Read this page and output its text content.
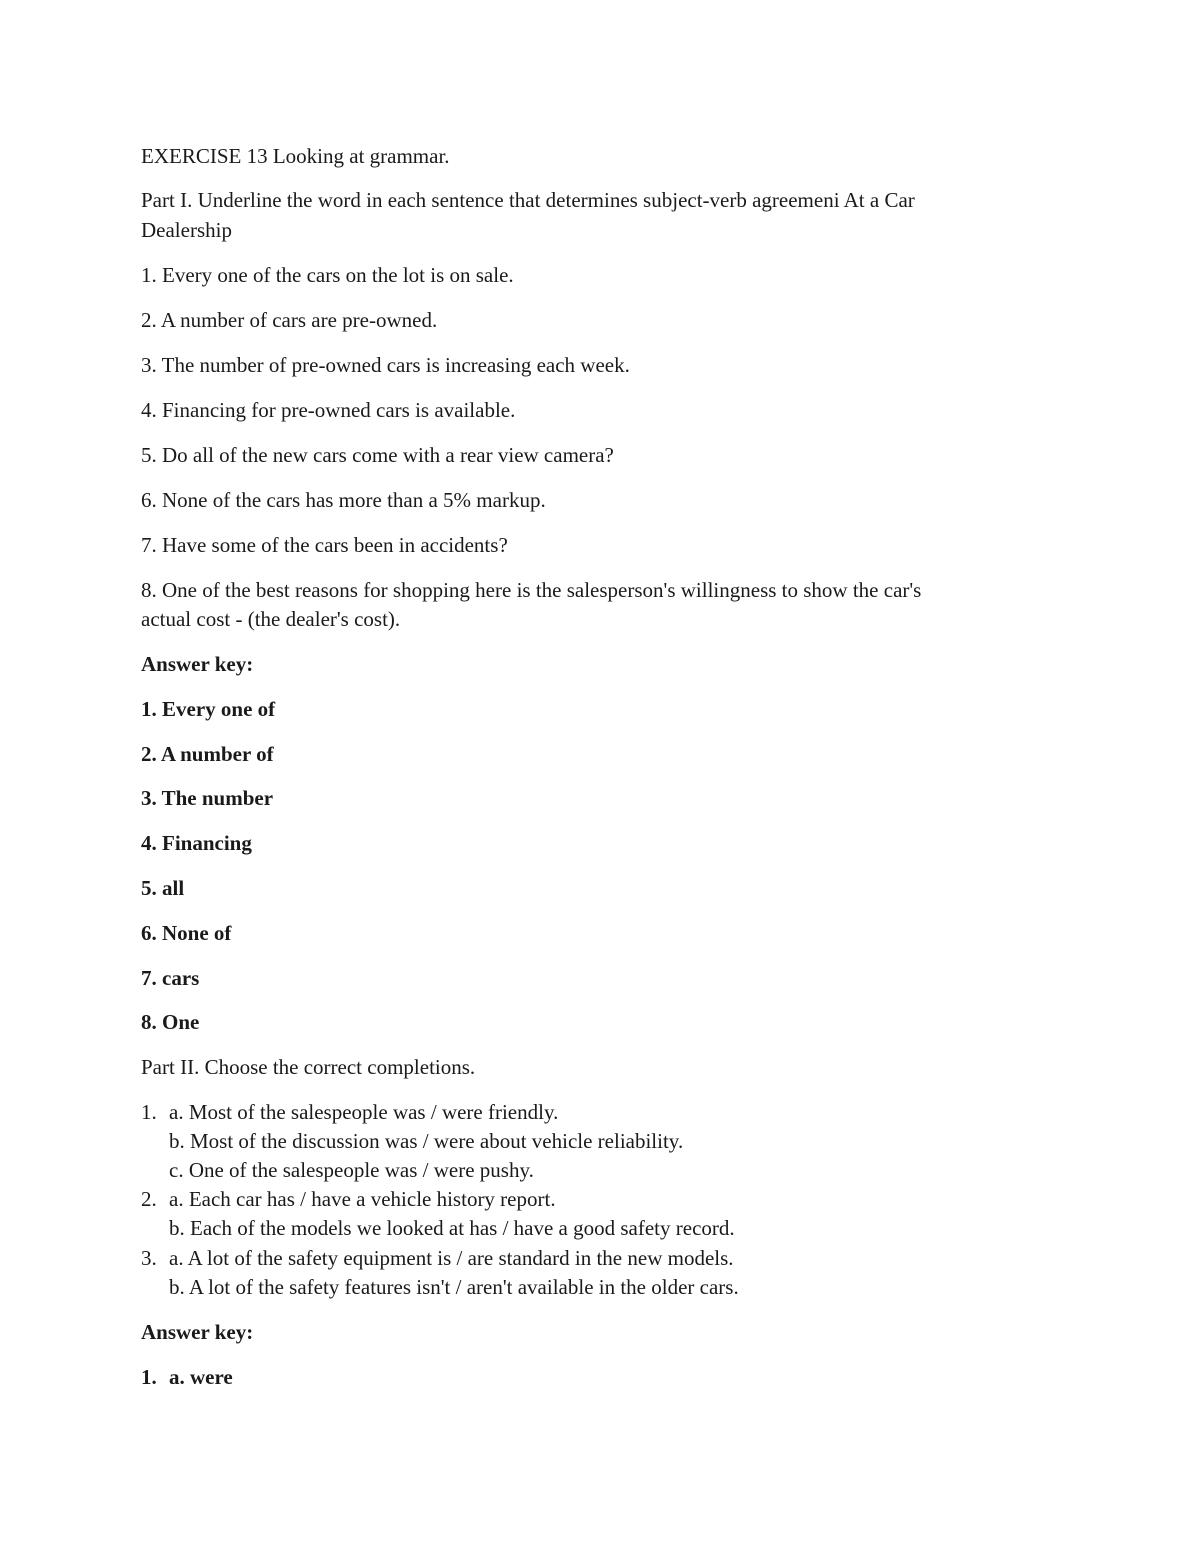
EXERCISE 13 Looking at grammar.
Part I. Underline the word in each sentence that determines subject-verb agreemeni At a Car
Dealership
1. Every one of the cars on the lot is on sale.
2. A number of cars are pre-owned.
3. The number of pre-owned cars is increasing each week.
4. Financing for pre-owned cars is available.
5. Do all of the new cars come with a rear view camera?
6. None of the cars has more than a 5% markup.
7. Have some of the cars been in accidents?
8. One of the best reasons for shopping here is the salesperson's willingness to show the car's
actual cost - (the dealer's cost).
Answer key:
1. Every one of
2. A number of
3. The number
4. Financing
5. all
6. None of
7. cars
8. One
Part II. Choose the correct completions.
1. a. Most of the salespeople was / were friendly.
b. Most of the discussion was / were about vehicle reliability.
c. One of the salespeople was / were pushy.
2. a. Each car has / have a vehicle history report.
b. Each of the models we looked at has / have a good safety record.
3. a. A lot of the safety equipment is / are standard in the new models.
b. A lot of the safety features isn't / aren't available in the older cars.
Answer key:
1. a. were
